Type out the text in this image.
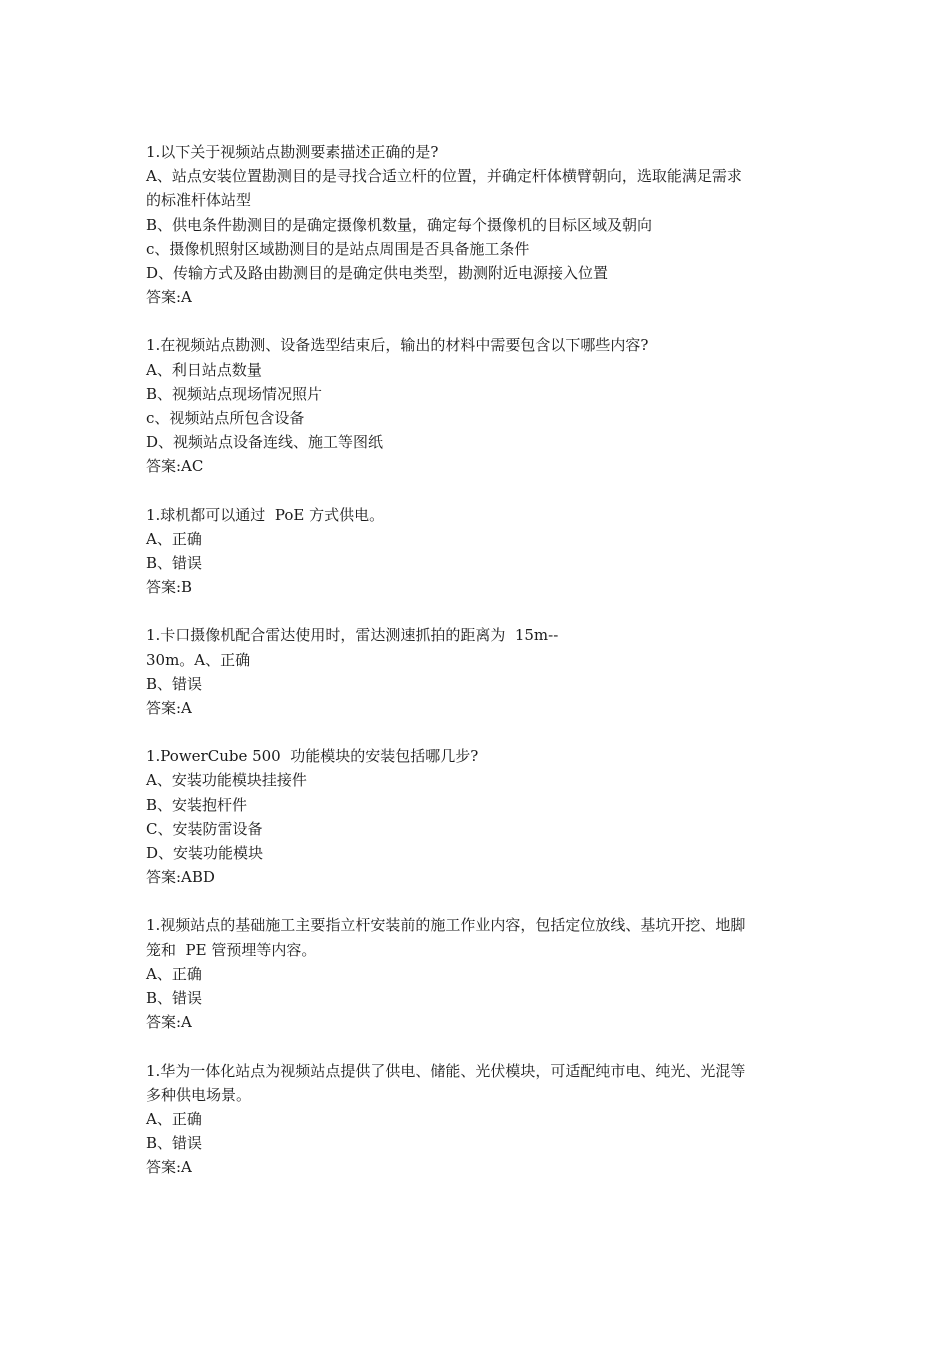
1.以下关于视频站点勘测要素描述正确的是?
A、站点安装位置勘测目的是寻找合适立杆的位置，并确定杆体横臂朝向，选取能满足需求
的标准杆体站型
B、供电条件勘测目的是确定摄像机数量，确定每个摄像机的目标区域及朝向
c、摄像机照射区域勘测目的是站点周围是否具备施工条件
D、传输方式及路由勘测目的是确定供电类型，勘测附近电源接入位置
答案:A
1.在视频站点勘测、设备选型结束后，输出的材料中需要包含以下哪些内容?
A、利日站点数量
B、视频站点现场情况照片
c、视频站点所包含设备
D、视频站点设备连线、施工等图纸
答案:AC
1.球机都可以通过  PoE 方式供电。
A、正确
B、错误
答案:B
1.卡口摄像机配合雷达使用时，雷达测速抓拍的距离为  15m--
30m。A、正确
B、错误
答案:A
1.PowerCube 500  功能模块的安装包括哪几步?
A、安装功能模块挂接件
B、安装抱杆件
C、安装防雷设备
D、安装功能模块
答案:ABD
1.视频站点的基础施工主要指立杆安装前的施工作业内容，包括定位放线、基坑开挖、地脚
笼和  PE 管预埋等内容。
A、正确
B、错误
答案:A
1.华为一体化站点为视频站点提供了供电、储能、光伏模块，可适配纯市电、纯光、光混等
多种供电场景。
A、正确
B、错误
答案:A
